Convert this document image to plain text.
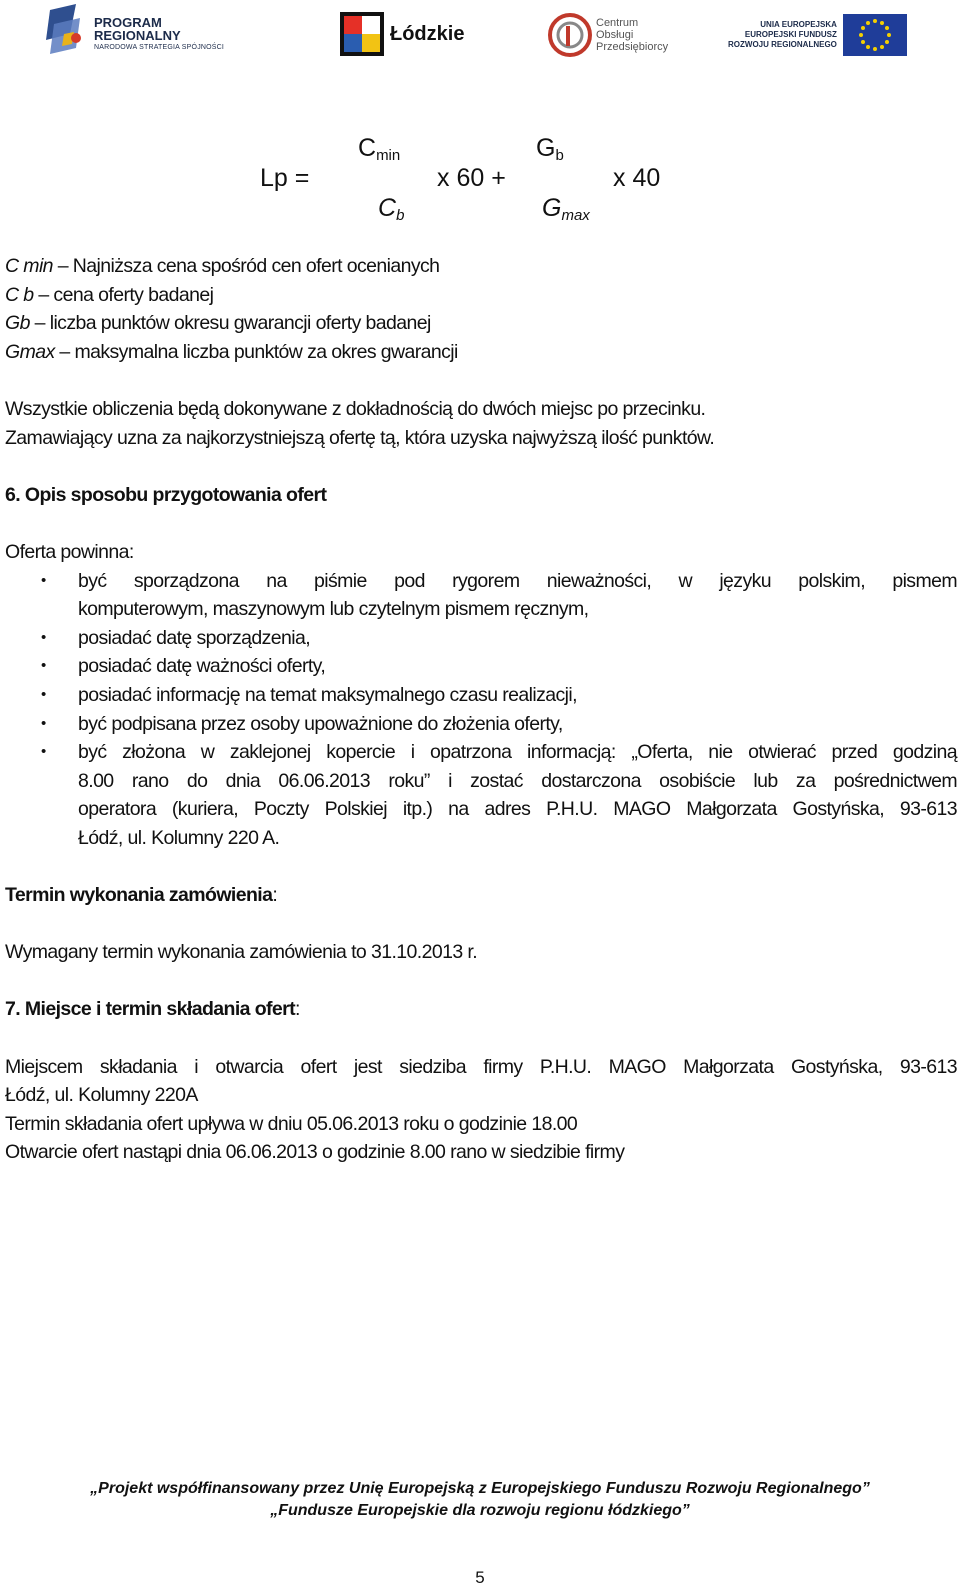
PROGRAM
REGIONALNY
NARODOWA STRATEGIA SPÓJNOŚCI
Łódzkie	Centrum
Obsługi
Przedsiębiorcy
UNIA EUROPEJSKA
EUROPEJSKI FUNDUSZ
ROZWOJU REGIONALNEGO
$C_{min}$	$G_b$
Lp =	x 60 +	x 40
$C_b$	$G_{max}$
C min – Najniższa cena spośród cen ofert ocenianych
C b – cena oferty badanej
Gb – liczba punktów okresu gwarancji oferty badanej
Gmax – maksymalna liczba punktów za okres gwarancji
Wszystkie obliczenia będą dokonywane z dokładnością do dwóch miejsc po przecinku.
Zamawiający uzna za najkorzystniejszą ofertę tą, która uzyska najwyższą ilość punktów.
6. Opis sposobu przygotowania ofert
Oferta powinna:
• być sporządzona na piśmie pod rygorem nieważności, w języku polskim, pismem
komputerowym, maszynowym lub czytelnym pismem ręcznym,
• posiadać datę sporządzenia,
• posiadać datę ważności oferty,
• posiadać informację na temat maksymalnego czasu realizacji,
• być podpisana przez osoby upoważnione do złożenia oferty,
• być złożona w zaklejonej kopercie i opatrzona informacją: „Oferta, nie otwierać przed godziną
8.00 rano do dnia 06.06.2013 roku” i zostać dostarczona osobiście lub za pośrednictwem
operatora (kuriera, Poczty Polskiej itp.) na adres P.H.U. MAGO Małgorzata Gostyńska, 93-613
Łódź, ul. Kolumny 220 A.
Termin wykonania zamówienia:
Wymagany termin wykonania zamówienia to 31.10.2013 r.
7. Miejsce i termin składania ofert:
Miejscem składania i otwarcia ofert jest siedziba firmy P.H.U. MAGO Małgorzata Gostyńska, 93-613
Łódź, ul. Kolumny 220A
Termin składania ofert upływa w dniu 05.06.2013 roku o godzinie 18.00
Otwarcie ofert nastąpi dnia 06.06.2013 o godzinie 8.00 rano w siedzibie firmy
„Projekt współfinansowany przez Unię Europejską z Europejskiego Funduszu Rozwoju Regionalnego”
„Fundusze Europejskie dla rozwoju regionu łódzkiego”
5
